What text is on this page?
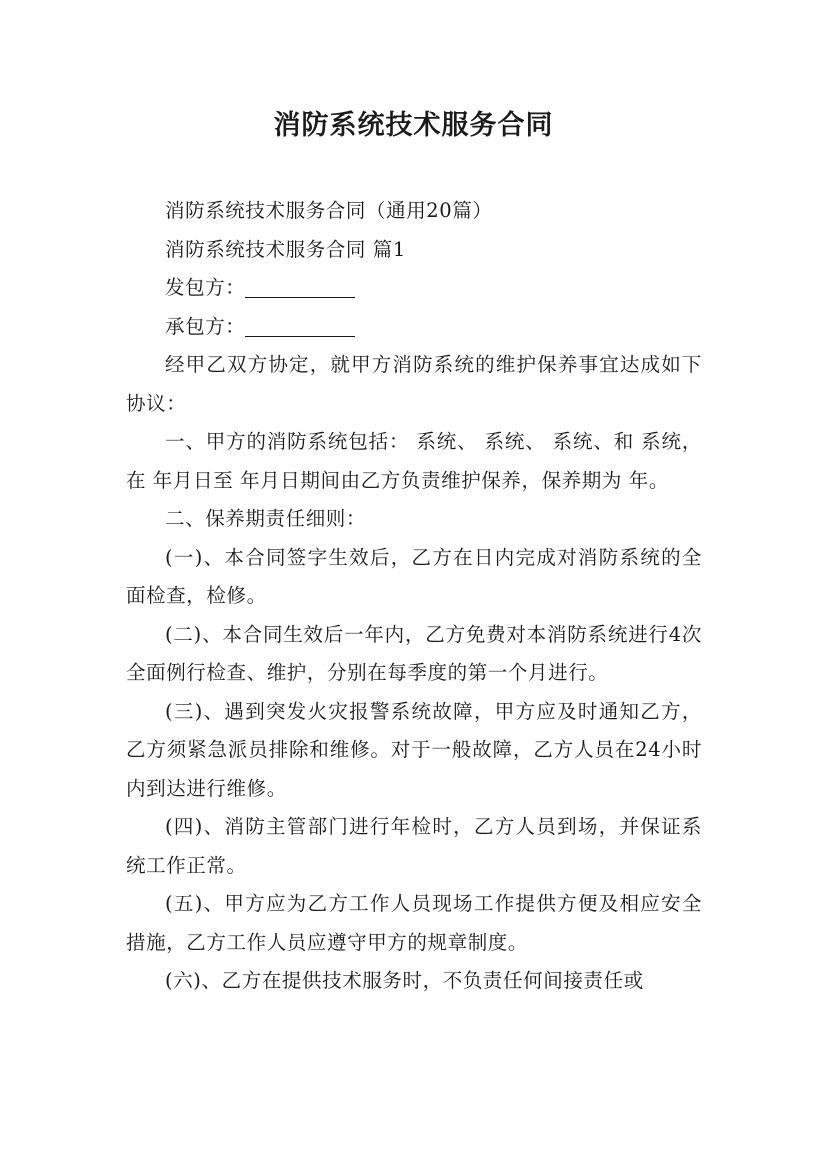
消防系统技术服务合同

消防系统技术服务合同（通用20篇）

消防系统技术服务合同 篇1

发包方：

承包方：

经甲乙双方协定，就甲方消防系统的维护保养事宜达成如下协议：

一、甲方的消防系统包括： 系统、 系统、 系统、和 系统，在 年月日至 年月日期间由乙方负责维护保养，保养期为 年。

二、保养期责任细则：

(一)、本合同签字生效后，乙方在日内完成对消防系统的全面检查，检修。

(二)、本合同生效后一年内，乙方免费对本消防系统进行4次全面例行检查、维护，分别在每季度的第一个月进行。

(三)、遇到突发火灾报警系统故障，甲方应及时通知乙方，乙方须紧急派员排除和维修。对于一般故障，乙方人员在24小时内到达进行维修。

(四)、消防主管部门进行年检时，乙方人员到场，并保证系统工作正常。

(五)、甲方应为乙方工作人员现场工作提供方便及相应安全措施，乙方工作人员应遵守甲方的规章制度。

(六)、乙方在提供技术服务时，不负责任何间接责任或
